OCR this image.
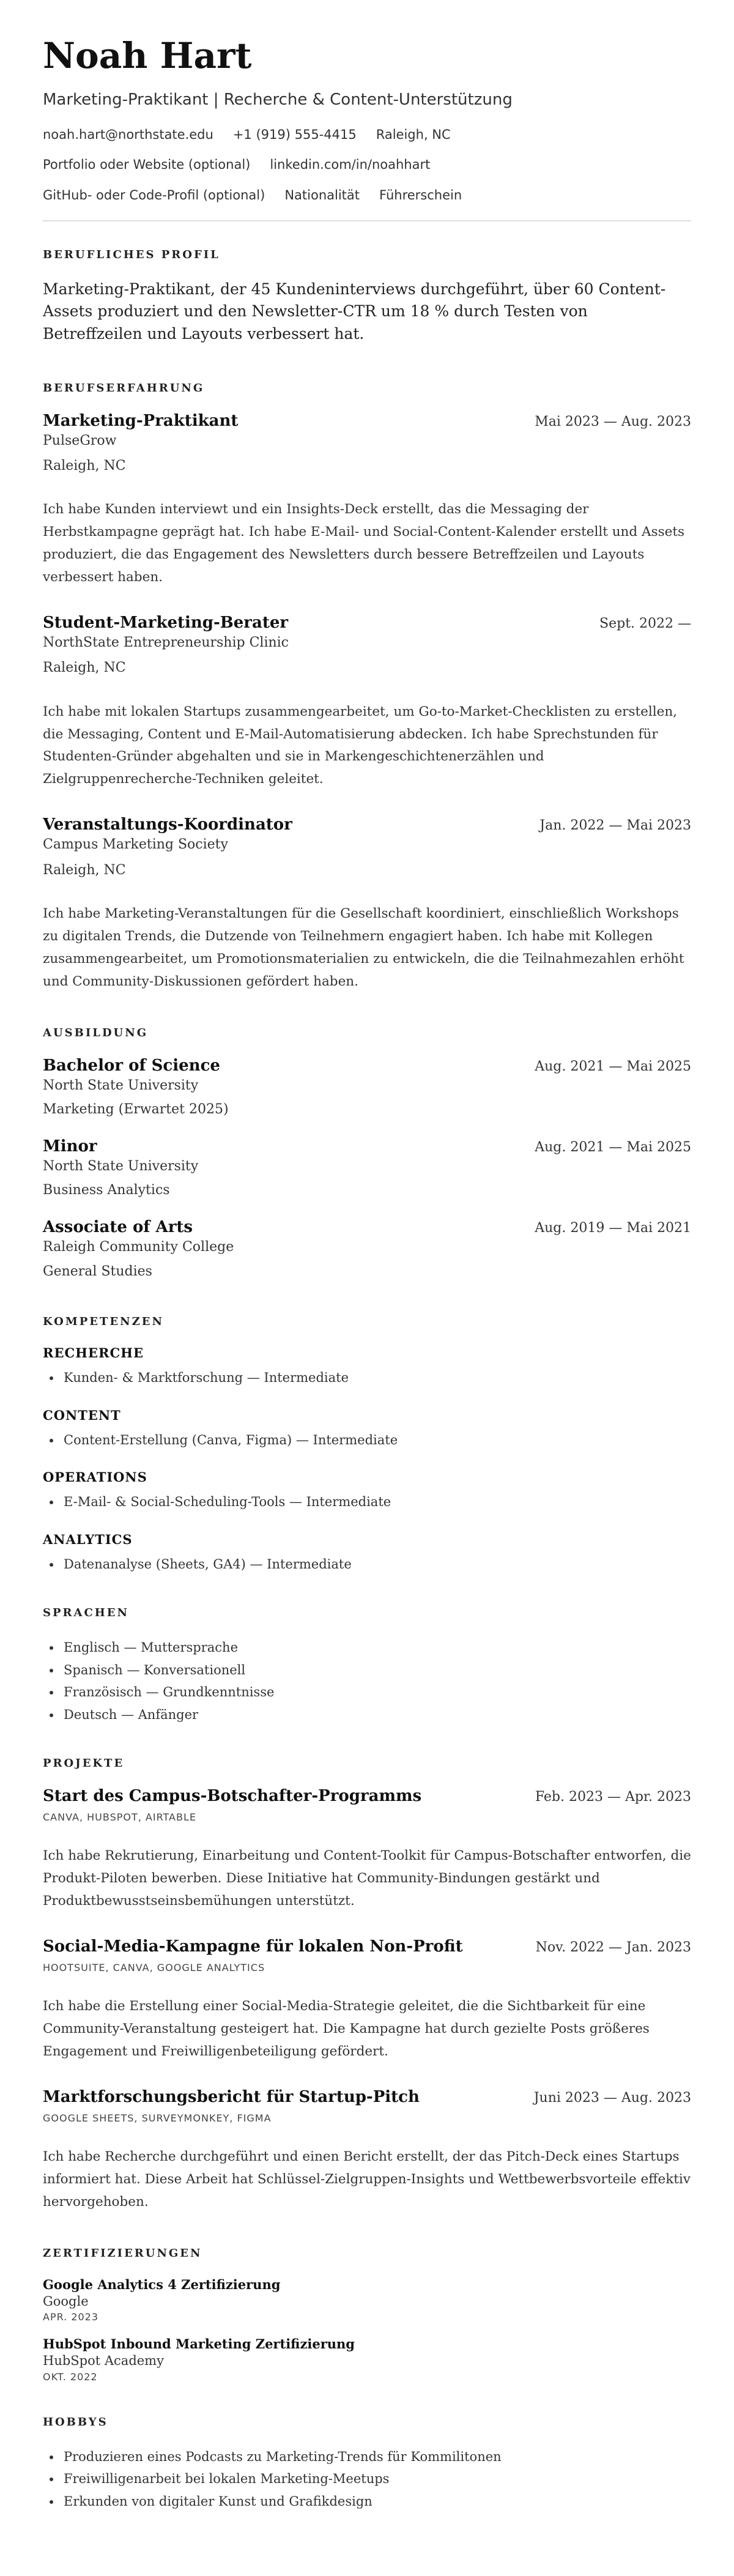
Noah Hart
Marketing-Praktikant | Recherche & Content-Unterstützung
noah.hart@northstate.edu +1 (919) 555-4415 Raleigh, NC
Portfolio oder Website (optional) linkedin.com/in/noahhart
GitHub- oder Code-Profil (optional) Nationalität Führerschein
BERUFLICHES PROFIL
Marketing-Praktikant, der 45 Kundeninterviews durchgeführt, über 60 Content-Assets produziert und den Newsletter-CTR um 18 % durch Testen von Betreffzeilen und Layouts verbessert hat.
BERUFSERFAHRUNG
Marketing-Praktikant	Mai 2023 — Aug. 2023
PulseGrow
Raleigh, NC
Ich habe Kunden interviewt und ein Insights-Deck erstellt, das die Messaging der Herbstkampagne geprägt hat. Ich habe E-Mail- und Social-Content-Kalender erstellt und Assets produziert, die das Engagement des Newsletters durch bessere Betreffzeilen und Layouts verbessert haben.
Student-Marketing-Berater	Sept. 2022 —
NorthState Entrepreneurship Clinic
Raleigh, NC
Ich habe mit lokalen Startups zusammengearbeitet, um Go-to-Market-Checklisten zu erstellen, die Messaging, Content und E-Mail-Automatisierung abdecken. Ich habe Sprechstunden für Studenten-Gründer abgehalten und sie in Markengeschichtenerzählen und Zielgruppenrecherche-Techniken geleitet.
Veranstaltungs-Koordinator	Jan. 2022 — Mai 2023
Campus Marketing Society
Raleigh, NC
Ich habe Marketing-Veranstaltungen für die Gesellschaft koordiniert, einschließlich Workshops zu digitalen Trends, die Dutzende von Teilnehmern engagiert haben. Ich habe mit Kollegen zusammengearbeitet, um Promotionsmaterialien zu entwickeln, die die Teilnahmezahlen erhöht und Community-Diskussionen gefördert haben.
AUSBILDUNG
Bachelor of Science	Aug. 2021 — Mai 2025
North State University
Marketing (Erwartet 2025)
Minor	Aug. 2021 — Mai 2025
North State University
Business Analytics
Associate of Arts	Aug. 2019 — Mai 2021
Raleigh Community College
General Studies
KOMPETENZEN
RECHERCHE
• Kunden- & Marktforschung — Intermediate
CONTENT
• Content-Erstellung (Canva, Figma) — Intermediate
OPERATIONS
• E-Mail- & Social-Scheduling-Tools — Intermediate
ANALYTICS
• Datenanalyse (Sheets, GA4) — Intermediate
SPRACHEN
• Englisch — Muttersprache
• Spanisch — Konversationell
• Französisch — Grundkenntnisse
• Deutsch — Anfänger
PROJEKTE
Start des Campus-Botschafter-Programms	Feb. 2023 — Apr. 2023
CANVA, HUBSPOT, AIRTABLE
Ich habe Rekrutierung, Einarbeitung und Content-Toolkit für Campus-Botschafter entworfen, die Produkt-Piloten bewerben. Diese Initiative hat Community-Bindungen gestärkt und Produktbewusstseinsbemühungen unterstützt.
Social-Media-Kampagne für lokalen Non-Profit	Nov. 2022 — Jan. 2023
HOOTSUITE, CANVA, GOOGLE ANALYTICS
Ich habe die Erstellung einer Social-Media-Strategie geleitet, die die Sichtbarkeit für eine Community-Veranstaltung gesteigert hat. Die Kampagne hat durch gezielte Posts größeres Engagement und Freiwilligenbeteiligung gefördert.
Marktforschungsbericht für Startup-Pitch	Juni 2023 — Aug. 2023
GOOGLE SHEETS, SURVEYMONKEY, FIGMA
Ich habe Recherche durchgeführt und einen Bericht erstellt, der das Pitch-Deck eines Startups informiert hat. Diese Arbeit hat Schlüssel-Zielgruppen-Insights und Wettbewerbsvorteile effektiv hervorgehoben.
ZERTIFIZIERUNGEN
Google Analytics 4 Zertifizierung
Google
APR. 2023
HubSpot Inbound Marketing Zertifizierung
HubSpot Academy
OKT. 2022
HOBBYS
• Produzieren eines Podcasts zu Marketing-Trends für Kommilitonen
• Freiwilligenarbeit bei lokalen Marketing-Meetups
• Erkunden von digitaler Kunst und Grafikdesign
